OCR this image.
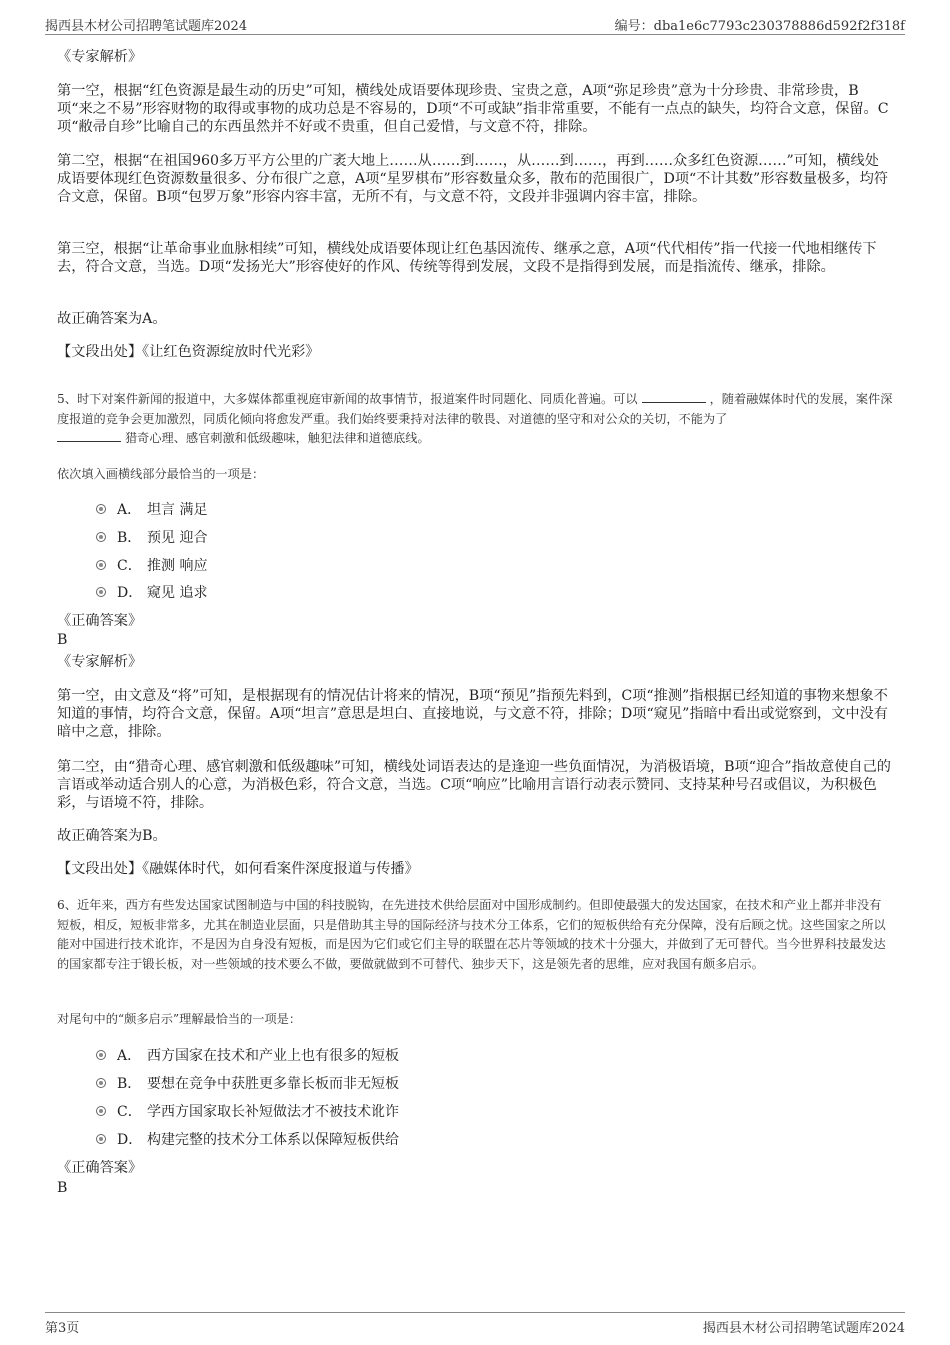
揭西县木材公司招聘笔试题库2024	编号：dba1e6c7793c230378886d592f2f318f
《专家解析》

第一空，根据“红色资源是最生动的历史”可知，横线处成语要体现珍贵、宝贵之意，A项“弥足珍贵”意为十分珍贵、非常珍贵，B项“来之不易”形容财物的取得或事物的成功总是不容易的，D项“不可或缺”指非常重要，不能有一点点的缺失，均符合文意，保留。C项“敝帚自珍”比喻自己的东西虽然并不好或不贵重，但自己爱惜，与文意不符，排除。

第二空，根据“在祖国960多万平方公里的广袤大地上……从……到……，从……到……，再到……众多红色资源……”可知，横线处成语要体现红色资源数量很多、分布很广之意，A项“星罗棋布”形容数量众多，散布的范围很广，D项“不计其数”形容数量极多，均符合文意，保留。B项“包罗万象”形容内容丰富，无所不有，与文意不符，文段并非强调内容丰富，排除。

第三空，根据“让革命事业血脉相续”可知，横线处成语要体现让红色基因流传、继承之意，A项“代代相传”指一代接一代地相继传下去，符合文意，当选。D项“发扬光大”形容使好的作风、传统等得到发展，文段不是指得到发展，而是指流传、继承，排除。

故正确答案为A。
【文段出处】《让红色资源绽放时代光彩》
5、时下对案件新闻的报道中，大多媒体都重视庭审新闻的故事情节，报道案件时同题化、同质化普遍。可以	，随着融媒体时代的发展，案件深度报道的竞争会更加激烈，同质化倾向将愈发严重。我们始终要秉持对法律的敬畏、对道德的坚守和对公众的关切，不能为了
猎奇心理、感官刺激和低级趣味，触犯法律和道德底线。
依次填入画横线部分最恰当的一项是：
A． 坦言 满足
B． 预见 迎合
C． 推测 响应
D． 窥见 追求
《正确答案》
B
《专家解析》

第一空，由文意及“将”可知，是根据现有的情况估计将来的情况，B项“预见”指预先料到，C项“推测”指根据已经知道的事物来想象不知道的事情，均符合文意，保留。A项“坦言”意思是坦白、直接地说，与文意不符，排除；D项“窥见”指暗中看出或觉察到，文中没有暗中之意，排除。

第二空，由“猎奇心理、感官刺激和低级趣味”可知，横线处词语表达的是逢迎一些负面情况，为消极语境，B项“迎合”指故意使自己的言语或举动适合别人的心意，为消极色彩，符合文意，当选。C项“响应”比喻用言语行动表示赞同、支持某种号召或倡议，为积极色彩，与语境不符，排除。

故正确答案为B。
【文段出处】《融媒体时代，如何看案件深度报道与传播》

6、近年来，西方有些发达国家试图制造与中国的科技脱钩，在先进技术供给层面对中国形成制约。但即使最强大的发达国家，在技术和产业上都并非没有短板，相反，短板非常多，尤其在制造业层面，只是借助其主导的国际经济与技术分工体系，它们的短板供给有充分保障，没有后顾之忧。这些国家之所以能对中国进行技术讹诈，不是因为自身没有短板，而是因为它们或它们主导的联盟在芯片等领域的技术十分强大，并做到了无可替代。当今世界科技最发达的国家都专注于锻长板，对一些领域的技术要么不做，要做就做到不可替代、独步天下，这是领先者的思维，应对我国有颇多启示。

对尾句中的“颇多启示”理解最恰当的一项是：
A． 西方国家在技术和产业上也有很多的短板
B． 要想在竞争中获胜更多靠长板而非无短板
C． 学西方国家取长补短做法才不被技术讹诈
D． 构建完整的技术分工体系以保障短板供给
《正确答案》
B
第3页	揭西县木材公司招聘笔试题库2024
